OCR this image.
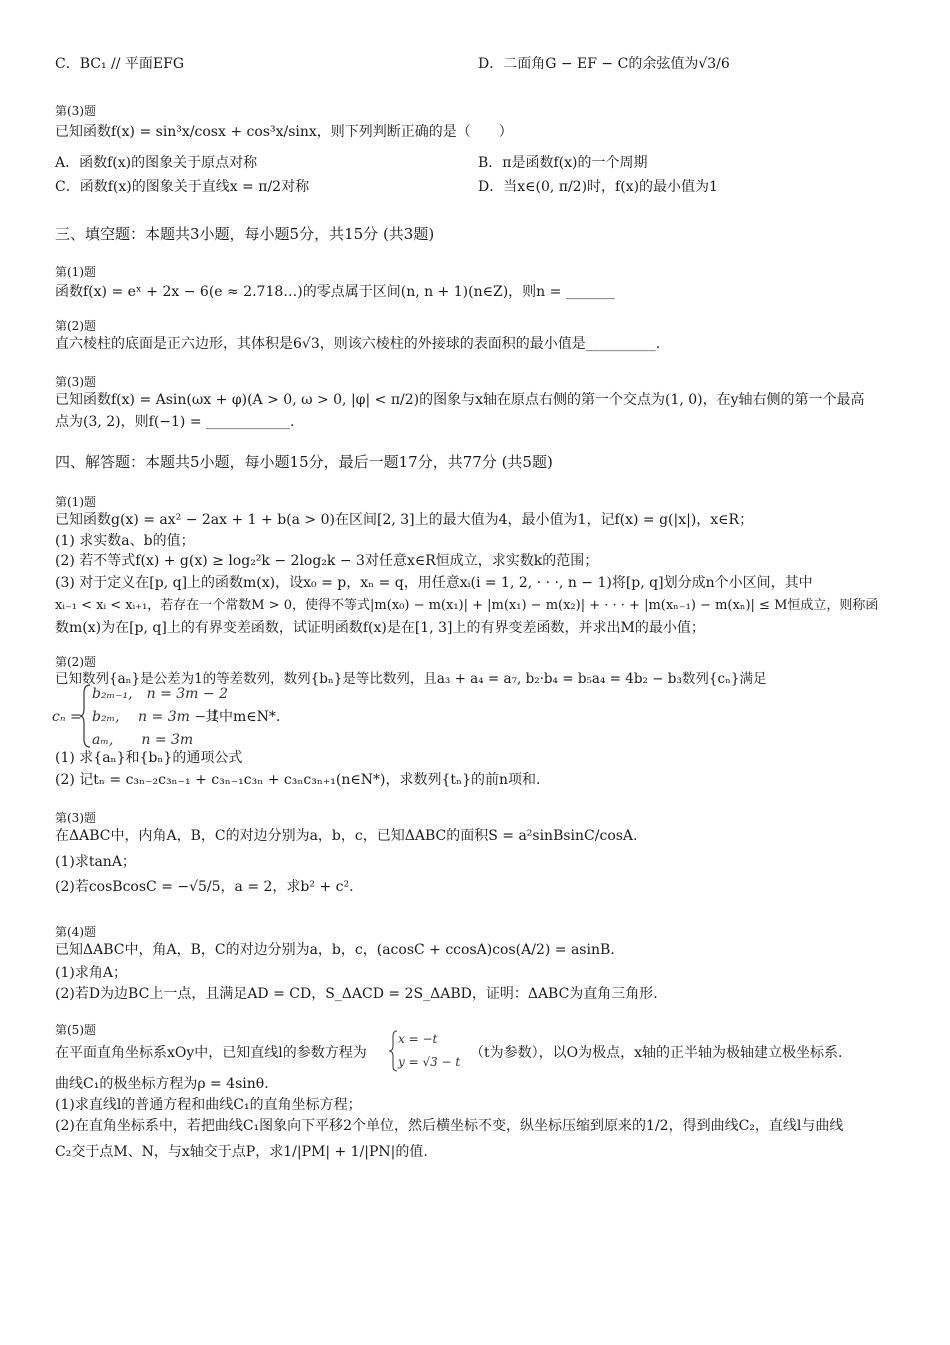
C．BC₁ // 平面EFG	D．二面角G − EF − C的余弦值为√3/6
第(3)题
已知函数f(x) = sin³x/cosx + cos³x/sinx，则下列判断正确的是（　　）
A．函数f(x)的图象关于原点对称	B．π是函数f(x)的一个周期
C．函数f(x)的图象关于直线x = π/2对称	D．当x∈(0, π/2)时，f(x)的最小值为1
三、填空题：本题共3小题，每小题5分，共15分 (共3题)
第(1)题
函数f(x) = eˣ + 2x − 6(e ≈ 2.718…)的零点属于区间(n, n + 1)(n∈Z)，则n = _______
第(2)题
直六棱柱的底面是正六边形，其体积是6√3，则该六棱柱的外接球的表面积的最小值是__________.
第(3)题
已知函数f(x) = Asin(ωx + φ)(A > 0, ω > 0, |φ| < π/2)的图象与x轴在原点右侧的第一个交点为(1, 0)，在y轴右侧的第一个最高
点为(3, 2)，则f(−1) = ____________.
四、解答题：本题共5小题，每小题15分，最后一题17分，共77分 (共5题)
第(1)题
已知函数g(x) = ax² − 2ax + 1 + b(a > 0)在区间[2, 3]上的最大值为4，最小值为1，记f(x) = g(|x|)，x∈R；
(1) 求实数a、b的值；
(2) 若不等式f(x) + g(x) ≥ log₂²k − 2log₂k − 3对任意x∈R恒成立，求实数k的范围；
(3) 对于定义在[p, q]上的函数m(x)，设x₀ = p，xₙ = q，用任意xᵢ(i = 1, 2, · · ·, n − 1)将[p, q]划分成n个小区间，其中
xᵢ₋₁ < xᵢ < xᵢ₊₁，若存在一个常数M > 0，使得不等式|m(x₀) − m(x₁)| + |m(x₁) − m(x₂)| + · · · + |m(xₙ₋₁) − m(xₙ)| ≤ M恒成立，则称函
数m(x)为在[p, q]上的有界变差函数，试证明函数f(x)是在[1, 3]上的有界变差函数，并求出M的最小值；
第(2)题
已知数列{aₙ}是公差为1的等差数列，数列{bₙ}是等比数列，且a₃ + a₄ = a₇, b₂·b₄ = b₅a₄ = 4b₂ − b₃数列{cₙ}满足
cₙ =
b₂ₘ₋₁,　n = 3m − 2
b₂ₘ,　 n = 3m − 1
其中m∈N*.
aₘ,　　n = 3m
(1) 求{aₙ}和{bₙ}的通项公式
(2) 记tₙ = c₃ₙ₋₂c₃ₙ₋₁ + c₃ₙ₋₁c₃ₙ + c₃ₙc₃ₙ₊₁(n∈N*)，求数列{tₙ}的前n项和.
第(3)题
在ΔABC中，内角A，B，C的对边分别为a，b，c，已知ΔABC的面积S = a²sinBsinC/cosA.
(1)求tanA；
(2)若cosBcosC = −√5/5，a = 2，求b² + c².
第(4)题
已知ΔABC中，角A，B，C的对边分别为a，b，c，(acosC + ccosA)cos(A/2) = asinB.
(1)求角A；
(2)若D为边BC上一点，且满足AD = CD，S_ΔACD = 2S_ΔABD，证明：ΔABC为直角三角形.
第(5)题
在平面直角坐标系xOy中，已知直线l的参数方程为
x = −t
y = √3 − t
（t为参数），以O为极点，x轴的正半轴为极轴建立极坐标系.
曲线C₁的极坐标方程为ρ = 4sinθ.
(1)求直线l的普通方程和曲线C₁的直角坐标方程；
(2)在直角坐标系中，若把曲线C₁图象向下平移2个单位，然后横坐标不变，纵坐标压缩到原来的1/2，得到曲线C₂，直线l与曲线
C₂交于点M、N，与x轴交于点P，求1/|PM| + 1/|PN|的值.
